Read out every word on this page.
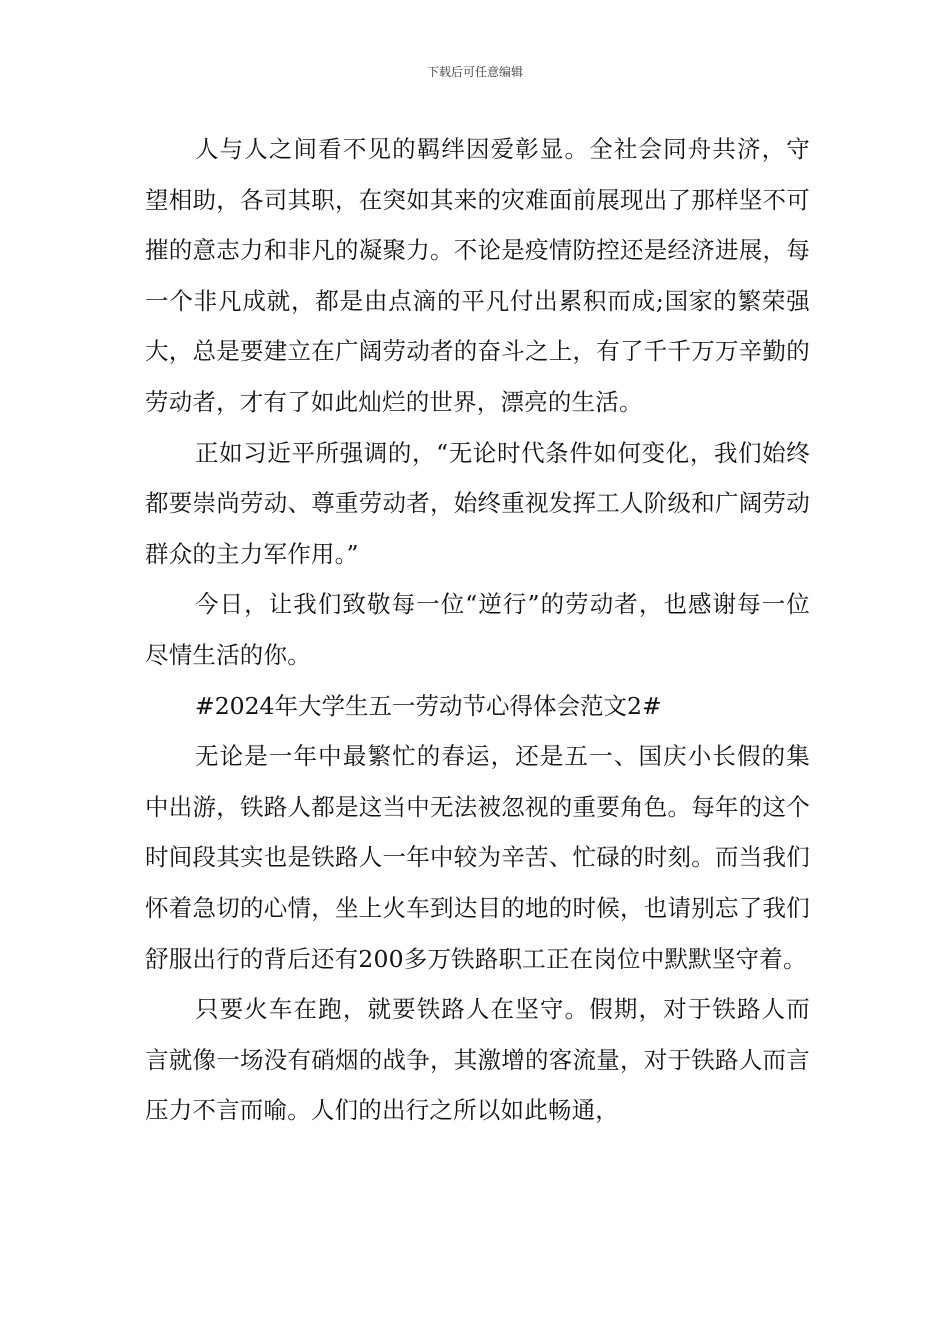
下载后可任意编辑

人与人之间看不见的羁绊因爱彰显。全社会同舟共济，守望相助，各司其职，在突如其来的灾难面前展现出了那样坚不可摧的意志力和非凡的凝聚力。不论是疫情防控还是经济进展，每一个非凡成就，都是由点滴的平凡付出累积而成;国家的繁荣强大，总是要建立在广阔劳动者的奋斗之上，有了千千万万辛勤的劳动者，才有了如此灿烂的世界，漂亮的生活。

正如习近平所强调的，“无论时代条件如何变化，我们始终都要崇尚劳动、尊重劳动者，始终重视发挥工人阶级和广阔劳动群众的主力军作用。”

今日，让我们致敬每一位“逆行”的劳动者，也感谢每一位尽情生活的你。

#2024年大学生五一劳动节心得体会范文2#

无论是一年中最繁忙的春运，还是五一、国庆小长假的集中出游，铁路人都是这当中无法被忽视的重要角色。每年的这个时间段其实也是铁路人一年中较为辛苦、忙碌的时刻。而当我们怀着急切的心情，坐上火车到达目的地的时候，也请别忘了我们舒服出行的背后还有200多万铁路职工正在岗位中默默坚守着。

只要火车在跑，就要铁路人在坚守。假期，对于铁路人而言就像一场没有硝烟的战争，其激增的客流量，对于铁路人而言压力不言而喻。人们的出行之所以如此畅通，
